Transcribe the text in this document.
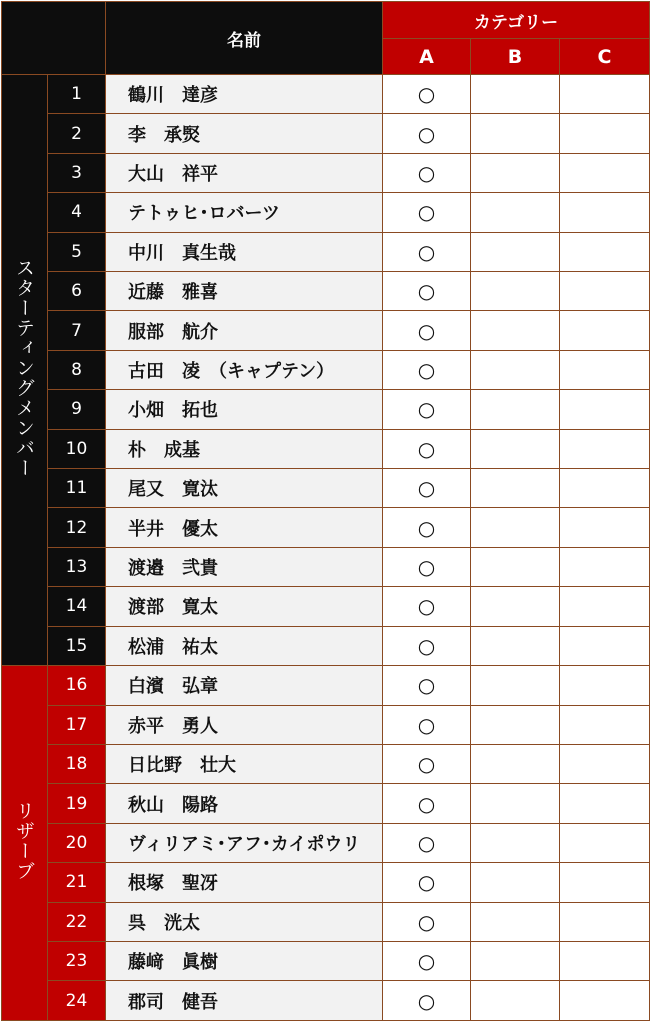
		名前	カテゴリー		
			A	B	C
スターティングメンバー	1	鶴川　達彦	○		
	2	李　承㷂	○		
	3	大山　祥平	○		
	4	テトゥヒ･ロバーツ	○		
	5	中川　真生哉	○		
	6	近藤　雅喜	○		
	7	服部　航介	○		
	8	古田　凌　（キャプテン）	○		
	9	小畑　拓也	○		
	10	朴　成基	○		
	11	尾又　寛汰	○		
	12	半井　優太	○		
	13	渡邉　弐貴	○		
	14	渡部　寛太	○		
	15	松浦　祐太	○		
リザーブ	16	白濱　弘章	○		
	17	赤平　勇人	○		
	18	日比野　壮大	○		
	19	秋山　陽路	○		
	20	ヴィリアミ･アフ･カイポウリ	○		
	21	根塚　聖冴	○		
	22	呉　洸太	○		
	23	藤﨑　眞樹	○		
	24	郡司　健吾	○		
